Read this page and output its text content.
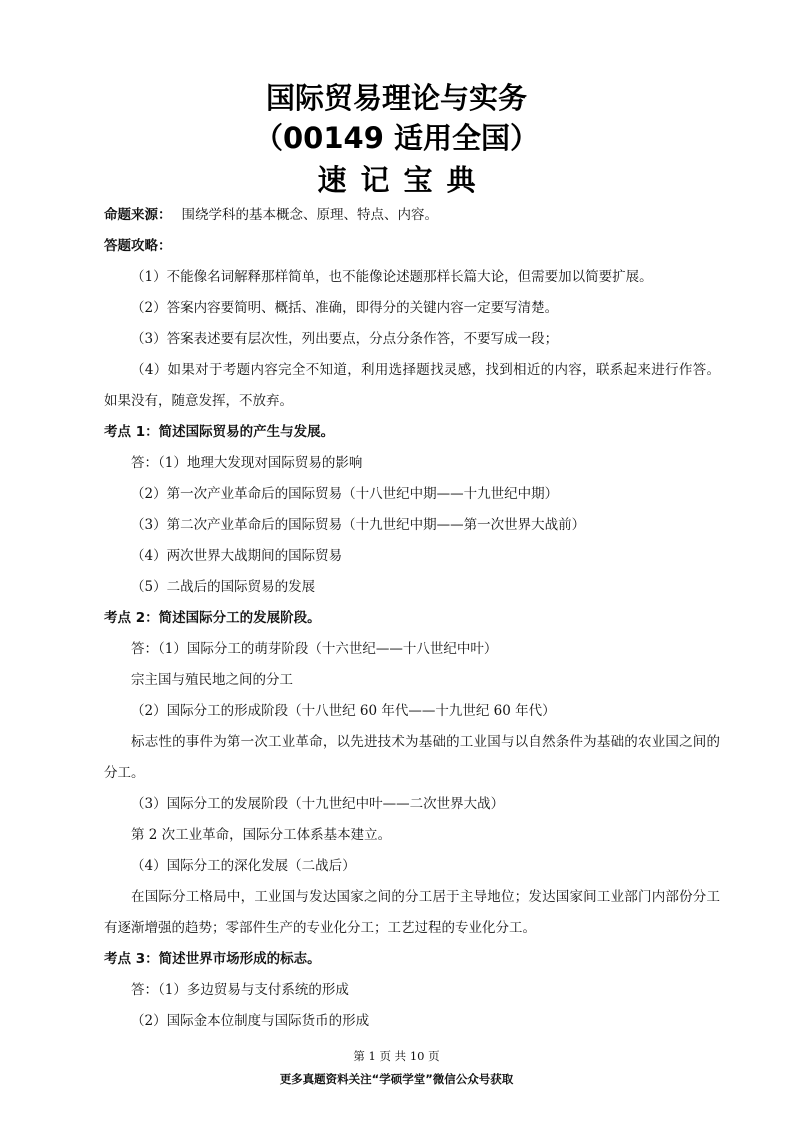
国际贸易理论与实务
（00149 适用全国）
速记宝典
命题来源： 围绕学科的基本概念、原理、特点、内容。
答题攻略：
（1）不能像名词解释那样简单，也不能像论述题那样长篇大论，但需要加以简要扩展。
（2）答案内容要简明、概括、准确，即得分的关键内容一定要写清楚。
（3）答案表述要有层次性，列出要点，分点分条作答，不要写成一段；
（4）如果对于考题内容完全不知道，利用选择题找灵感，找到相近的内容，联系起来进行作答。如果没有，随意发挥，不放弃。
考点 1：简述国际贸易的产生与发展。
答：（1）地理大发现对国际贸易的影响
（2）第一次产业革命后的国际贸易（十八世纪中期——十九世纪中期）
（3）第二次产业革命后的国际贸易（十九世纪中期——第一次世界大战前）
（4）两次世界大战期间的国际贸易
（5）二战后的国际贸易的发展
考点 2：简述国际分工的发展阶段。
答：（1）国际分工的萌芽阶段（十六世纪——十八世纪中叶）
宗主国与殖民地之间的分工
（2）国际分工的形成阶段（十八世纪 60 年代——十九世纪 60 年代）
标志性的事件为第一次工业革命，以先进技术为基础的工业国与以自然条件为基础的农业国之间的分工。
（3）国际分工的发展阶段（十九世纪中叶——二次世界大战）
第 2 次工业革命，国际分工体系基本建立。
（4）国际分工的深化发展（二战后）
在国际分工格局中，工业国与发达国家之间的分工居于主导地位；发达国家间工业部门内部份分工有逐渐增强的趋势；零部件生产的专业化分工；工艺过程的专业化分工。
考点 3：简述世界市场形成的标志。
答：（1）多边贸易与支付系统的形成
（2）国际金本位制度与国际货币的形成
第 1 页 共 10 页
更多真题资料关注“学硕学堂”微信公众号获取
